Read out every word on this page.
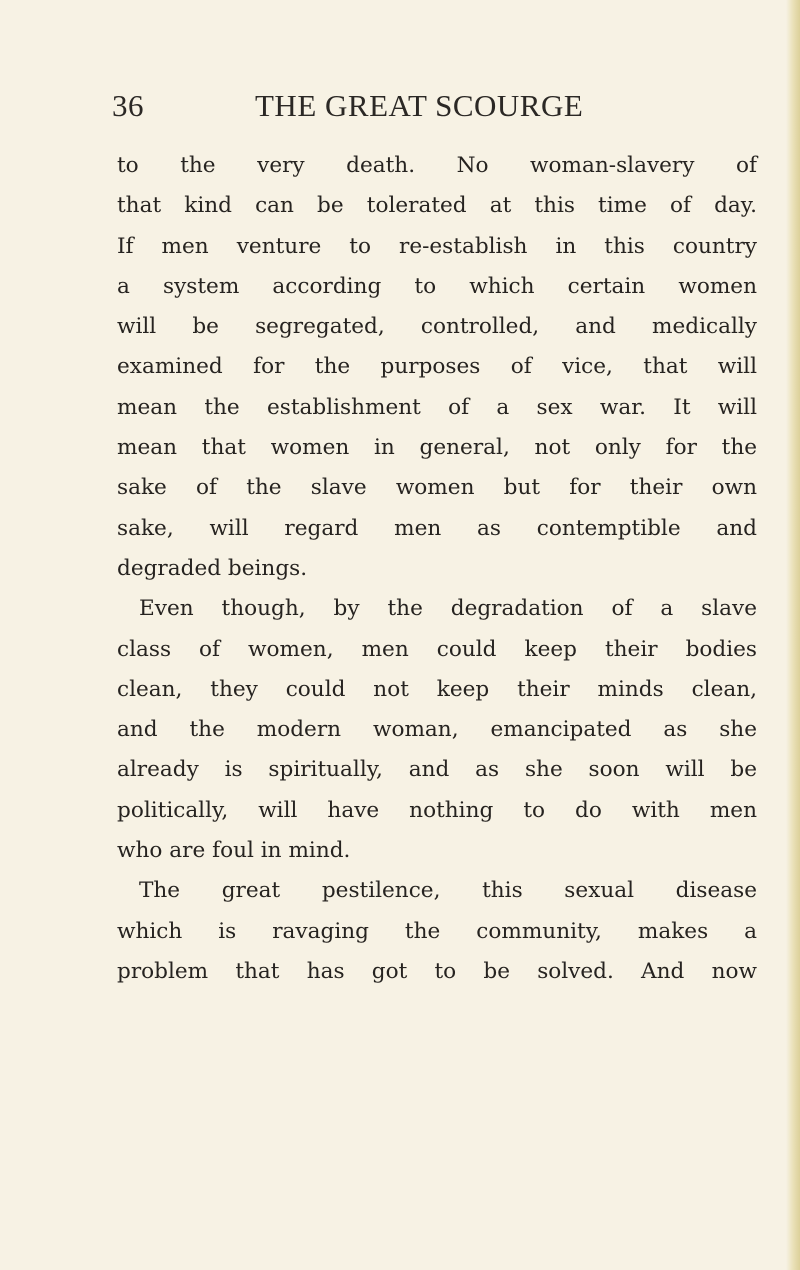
36	THE GREAT SCOURGE
to the very death. No woman-slavery of
that kind can be tolerated at this time of day.
If men venture to re-establish in this country
a system according to which certain women
will be segregated, controlled, and medically
examined for the purposes of vice, that will
mean the establishment of a sex war. It will
mean that women in general, not only for the
sake of the slave women but for their own
sake, will regard men as contemptible and
degraded beings.
Even though, by the degradation of a slave
class of women, men could keep their bodies
clean, they could not keep their minds clean,
and the modern woman, emancipated as she
already is spiritually, and as she soon will be
politically, will have nothing to do with men
who are foul in mind.
The great pestilence, this sexual disease
which is ravaging the community, makes a
problem that has got to be solved. And now
